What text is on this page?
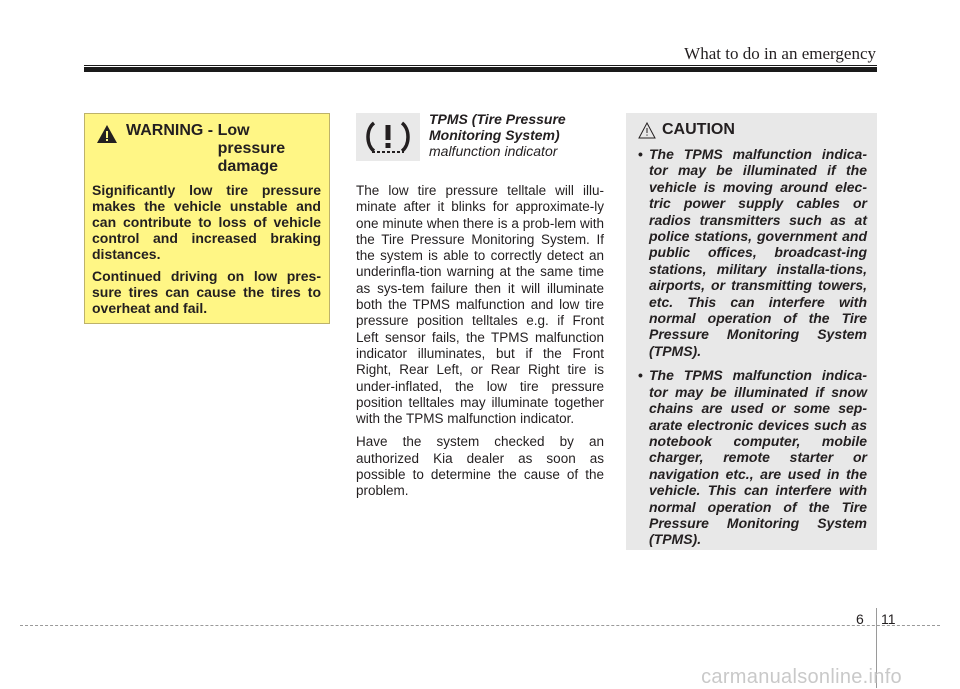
What to do in an emergency
WARNING - Low
pressure
damage

Significantly low tire pressure makes the vehicle unstable and can contribute to loss of vehicle control and increased braking distances.

Continued driving on low pres-sure tires can cause the tires to overheat and fail.

TPMS (Tire Pressure
Monitoring System)
malfunction indicator

The low tire pressure telltale will illu-minate after it blinks for approximate-ly one minute when there is a prob-lem with the Tire Pressure Monitoring System. If the system is able to correctly detect an underinfla-tion warning at the same time as sys-tem failure then it will illuminate both the TPMS malfunction and low tire pressure position telltales e.g. if Front Left sensor fails, the TPMS malfunction indicator illuminates, but if the Front Right, Rear Left, or Rear Right tire is under-inflated, the low tire pressure position telltales may illuminate together with the TPMS malfunction indicator.

Have the system checked by an authorized Kia dealer as soon as possible to determine the cause of the problem.

CAUTION
• The TPMS malfunction indica-tor may be illuminated if the vehicle is moving around elec-tric power supply cables or radios transmitters such as at police stations, government and public offices, broadcast-ing stations, military installa-tions, airports, or transmitting towers, etc. This can interfere with normal operation of the Tire Pressure Monitoring System (TPMS).
• The TPMS malfunction indica-tor may be illuminated if snow chains are used or some sep-arate electronic devices such as notebook computer, mobile charger, remote starter or navigation etc., are used in the vehicle. This can interfere with normal operation of the Tire Pressure Monitoring System (TPMS).
6 11
carmanualsonline.info
